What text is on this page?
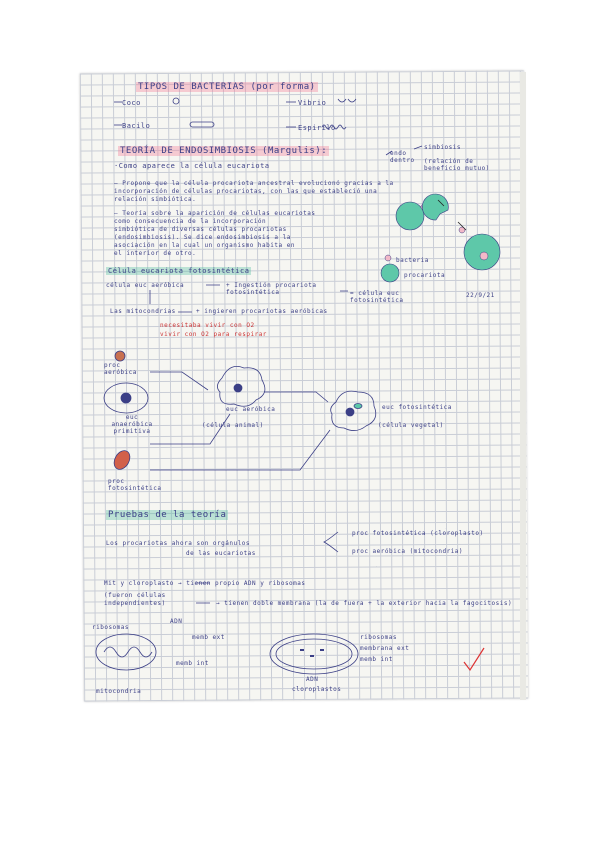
TIPOS DE BACTERIAS (por forma)
Coco	Vibrio
Bacilo	Espirilo
TEORÍA DE ENDOSIMBIOSIS (Margulis):
·Como aparece la célula eucariota
endo
dentro
simbiosis
(relación de beneficio mutuo)
– Propone que la célula procariota ancestral evolucionó gracias a la
incorporación de células procariotas, con las que estableció una
relación simbiótica.
– Teoría sobre la aparición de células eucariotas
como consecuencia de la incorporación
simbiótica de diversas células procariotas
(endosimbiosis). Se dice endosimbiosis a la
asociación en la cual un organismo habita en
el interior de otro.
bacteria
procariota
22/9/21
Célula eucariota fotosintética
célula euc aeróbica	+ Ingestión procariota fotosintética	= célula euc fotosintética
Las mitocondrias	+ ingieren procariotas aeróbicas
necesitaba vivir con O2
vivir con O2 para respirar
proc aeróbica
euc anaeróbica primitiva
euc aeróbica
(célula animal)
euc fotosintética
(célula vegetal)
proc fotosintética
Pruebas de la teoría
Los procariotas ahora son orgánulos
de las eucariotas
proc fotosintética (cloroplasto)
proc aeróbica (mitocondria)
Mit y cloroplasto → tienen propio ADN y ribosomas
(fueron células
independientes)	→ tienen doble membrana (la de fuera + la exterior hacia la fagocitosis)
ribosomas
ADN
memb ext
memb int
mitocondria
ribosomas
membrana ext
memb int
ADN
cloroplastos
